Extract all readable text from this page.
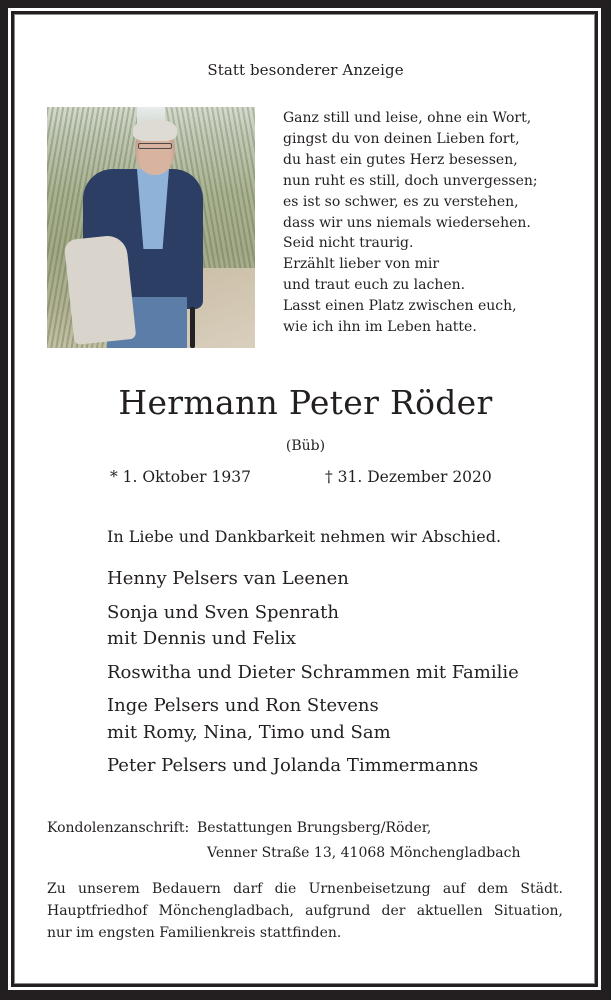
Statt besonderer Anzeige
Ganz still und leise, ohne ein Wort,
gingst du von deinen Lieben fort,
du hast ein gutes Herz besessen,
nun ruht es still, doch unvergessen;
es ist so schwer, es zu verstehen,
dass wir uns niemals wiedersehen.
Seid nicht traurig.
Erzählt lieber von mir
und traut euch zu lachen.
Lasst einen Platz zwischen euch,
wie ich ihn im Leben hatte.
Hermann Peter Röder
(Büb)
* 1. Oktober 1937	† 31. Dezember 2020
In Liebe und Dankbarkeit nehmen wir Abschied.
Henny Pelsers van Leenen
Sonja und Sven Spenrath
mit Dennis und Felix
Roswitha und Dieter Schrammen mit Familie
Inge Pelsers und Ron Stevens
mit Romy, Nina, Timo und Sam
Peter Pelsers und Jolanda Timmermanns
Kondolenzanschrift: Bestattungen Brungsberg/Röder,
Venner Straße 13, 41068 Mönchengladbach
Zu unserem Bedauern darf die Urnenbeisetzung auf dem Städt.
Hauptfriedhof Mönchengladbach, aufgrund der aktuellen Situation,
nur im engsten Familienkreis stattfinden.
